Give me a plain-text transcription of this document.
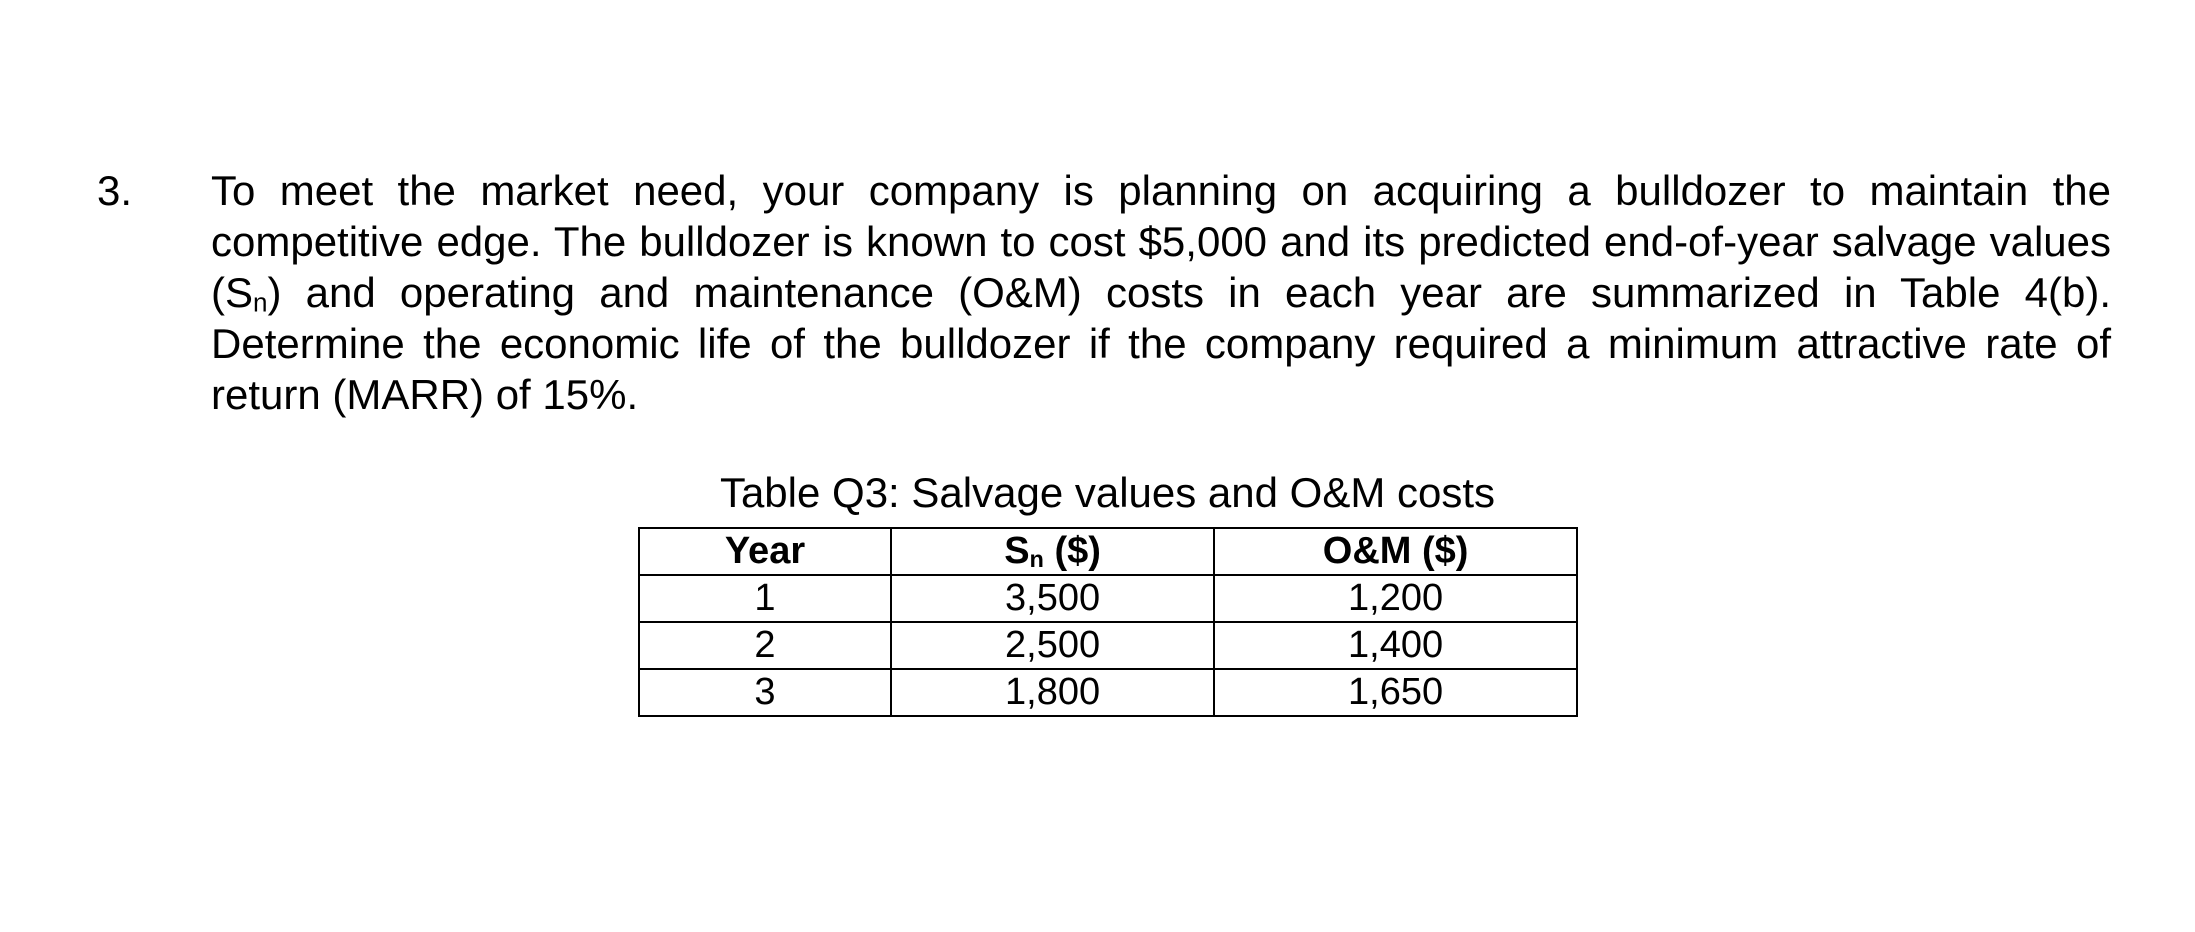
3. To meet the market need, your company is planning on acquiring a bulldozer to maintain the competitive edge. The bulldozer is known to cost $5,000 and its predicted end-of-year salvage values $(S_n)$ and operating and maintenance (O&M) costs in each year are summarized in Table 4(b). Determine the economic life of the bulldozer if the company required a minimum attractive rate of return (MARR) of 15%.
Table Q3: Salvage values and O&M costs
Year	$S_n$ ($)	O&M ($)
1	3,500	1,200
2	2,500	1,400
3	1,800	1,650
